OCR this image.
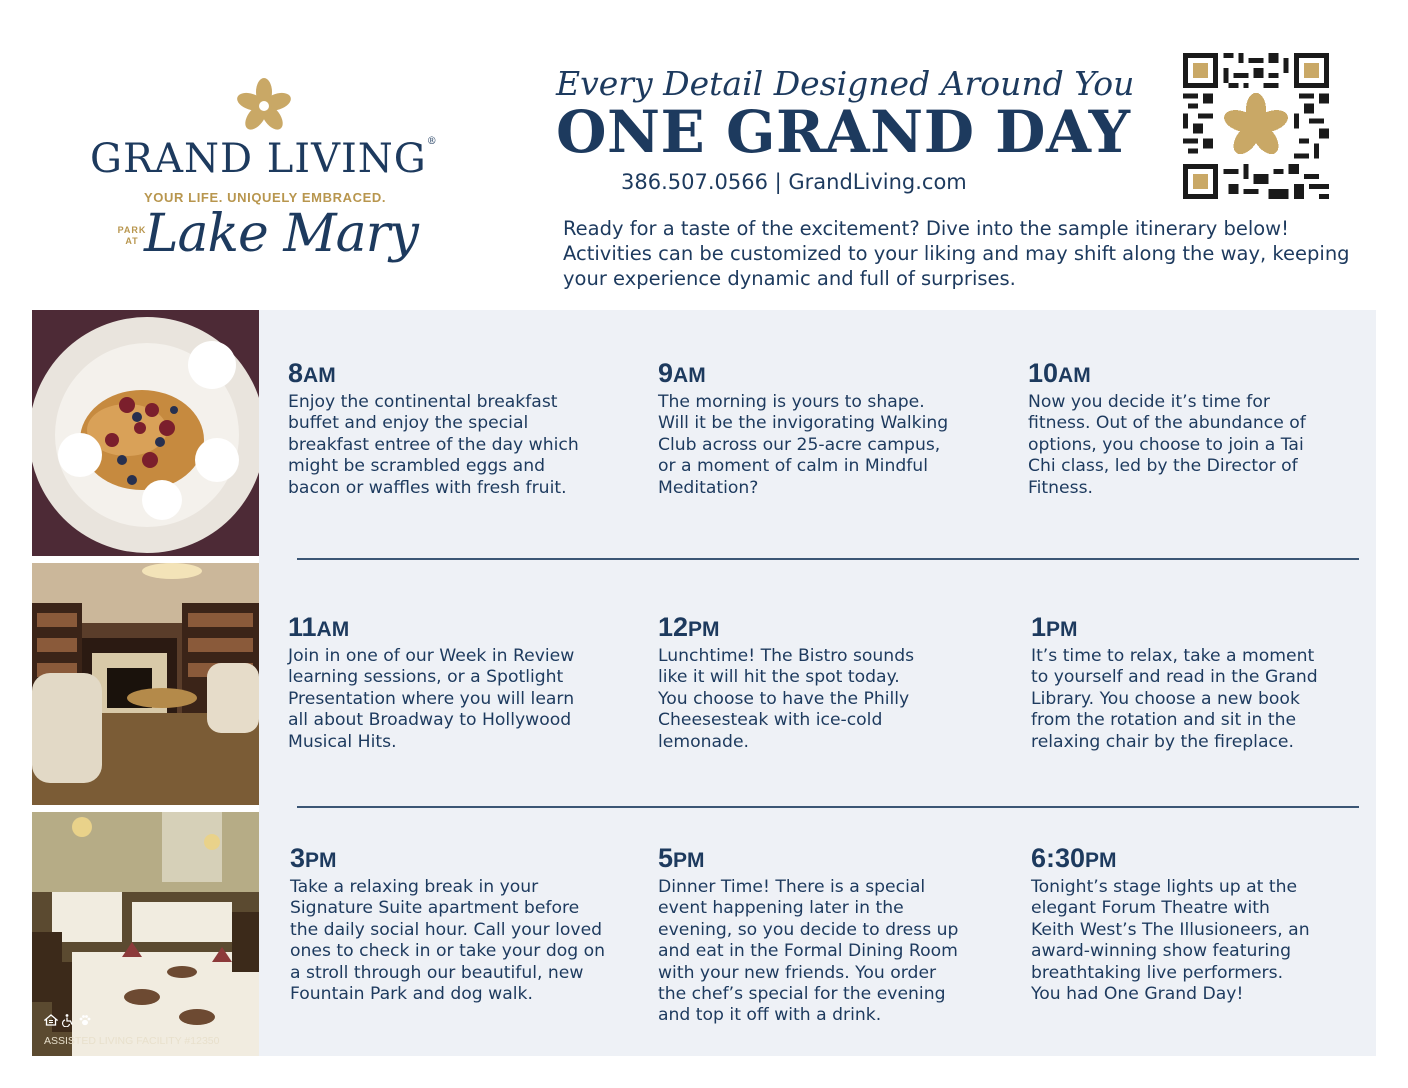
GRAND LIVING®
YOUR LIFE. UNIQUELY EMBRACED.
PARK AT Lake Mary
Every Detail Designed Around You
ONE GRAND DAY
386.507.0566 | GrandLiving.com
Ready for a taste of the excitement? Dive into the sample itinerary below! Activities can be customized to your liking and may shift along the way, keeping your experience dynamic and full of surprises.
8AM
Enjoy the continental breakfast
buffet and enjoy the special
breakfast entree of the day which
might be scrambled eggs and
bacon or waffles with fresh fruit.
9AM
The morning is yours to shape.
Will it be the invigorating Walking
Club across our 25-acre campus,
or a moment of calm in Mindful
Meditation?
10AM
Now you decide it’s time for
fitness. Out of the abundance of
options, you choose to join a Tai
Chi class, led by the Director of
Fitness.
11AM
Join in one of our Week in Review
learning sessions, or a Spotlight
Presentation where you will learn
all about Broadway to Hollywood
Musical Hits.
12PM
Lunchtime! The Bistro sounds
like it will hit the spot today.
You choose to have the Philly
Cheesesteak with ice-cold
lemonade.
1PM
It’s time to relax, take a moment
to yourself and read in the Grand
Library. You choose a new book
from the rotation and sit in the
relaxing chair by the fireplace.
3PM
Take a relaxing break in your
Signature Suite apartment before
the daily social hour. Call your loved
ones to check in or take your dog on
a stroll through our beautiful, new
Fountain Park and dog walk.
5PM
Dinner Time! There is a special
event happening later in the
evening, so you decide to dress up
and eat in the Formal Dining Room
with your new friends. You order
the chef’s special for the evening
and top it off with a drink.
6:30PM
Tonight’s stage lights up at the
elegant Forum Theatre with
Keith West’s The Illusioneers, an
award-winning show featuring
breathtaking live performers.
You had One Grand Day!
ASSISTED LIVING FACILITY #12350
